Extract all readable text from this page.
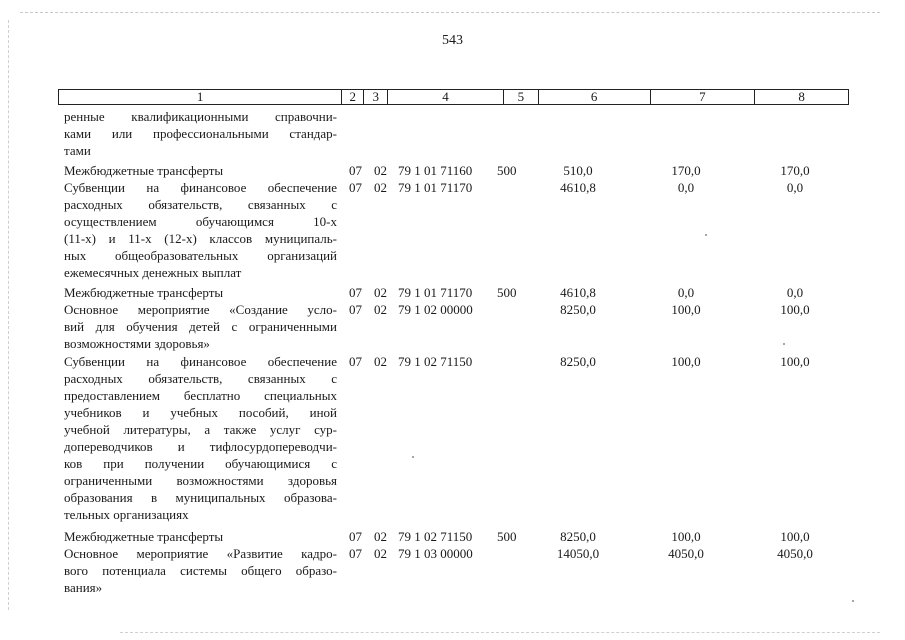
543
1	2	3	4	5	6	7	8
ренные квалификационными справочни-
ками или профессиональными стандар-
тами
Межбюджетные трансферты	07 02 79 1 01 71160 500	510,0	170,0	170,0
Субвенции на финансовое обеспечение
расходных обязательств, связанных с
осуществлением обучающимся 10-х
(11-х) и 11-х (12-х) классов муниципаль-
ных общеобразовательных организаций
ежемесячных денежных выплат
07 02 79 1 01 71170	4610,8	0,0	0,0
Межбюджетные трансферты	07 02 79 1 01 71170 500	4610,8	0,0	0,0
Основное мероприятие «Создание усло-
вий для обучения детей с ограниченными
возможностями здоровья»
07 02 79 1 02 00000	8250,0	100,0	100,0
Субвенции на финансовое обеспечение
расходных обязательств, связанных с
предоставлением бесплатно специальных
учебников и учебных пособий, иной
учебной литературы, а также услуг сур-
допереводчиков и тифлосурдопереводчи-
ков при получении обучающимися с
ограниченными возможностями здоровья
образования в муниципальных образова-
тельных организациях
07 02 79 1 02 71150	8250,0	100,0	100,0
Межбюджетные трансферты	07 02 79 1 02 71150 500	8250,0	100,0	100,0
Основное мероприятие «Развитие кадро-
вого потенциала системы общего образо-
вания»
07 02 79 1 03 00000	14050,0	4050,0	4050,0
